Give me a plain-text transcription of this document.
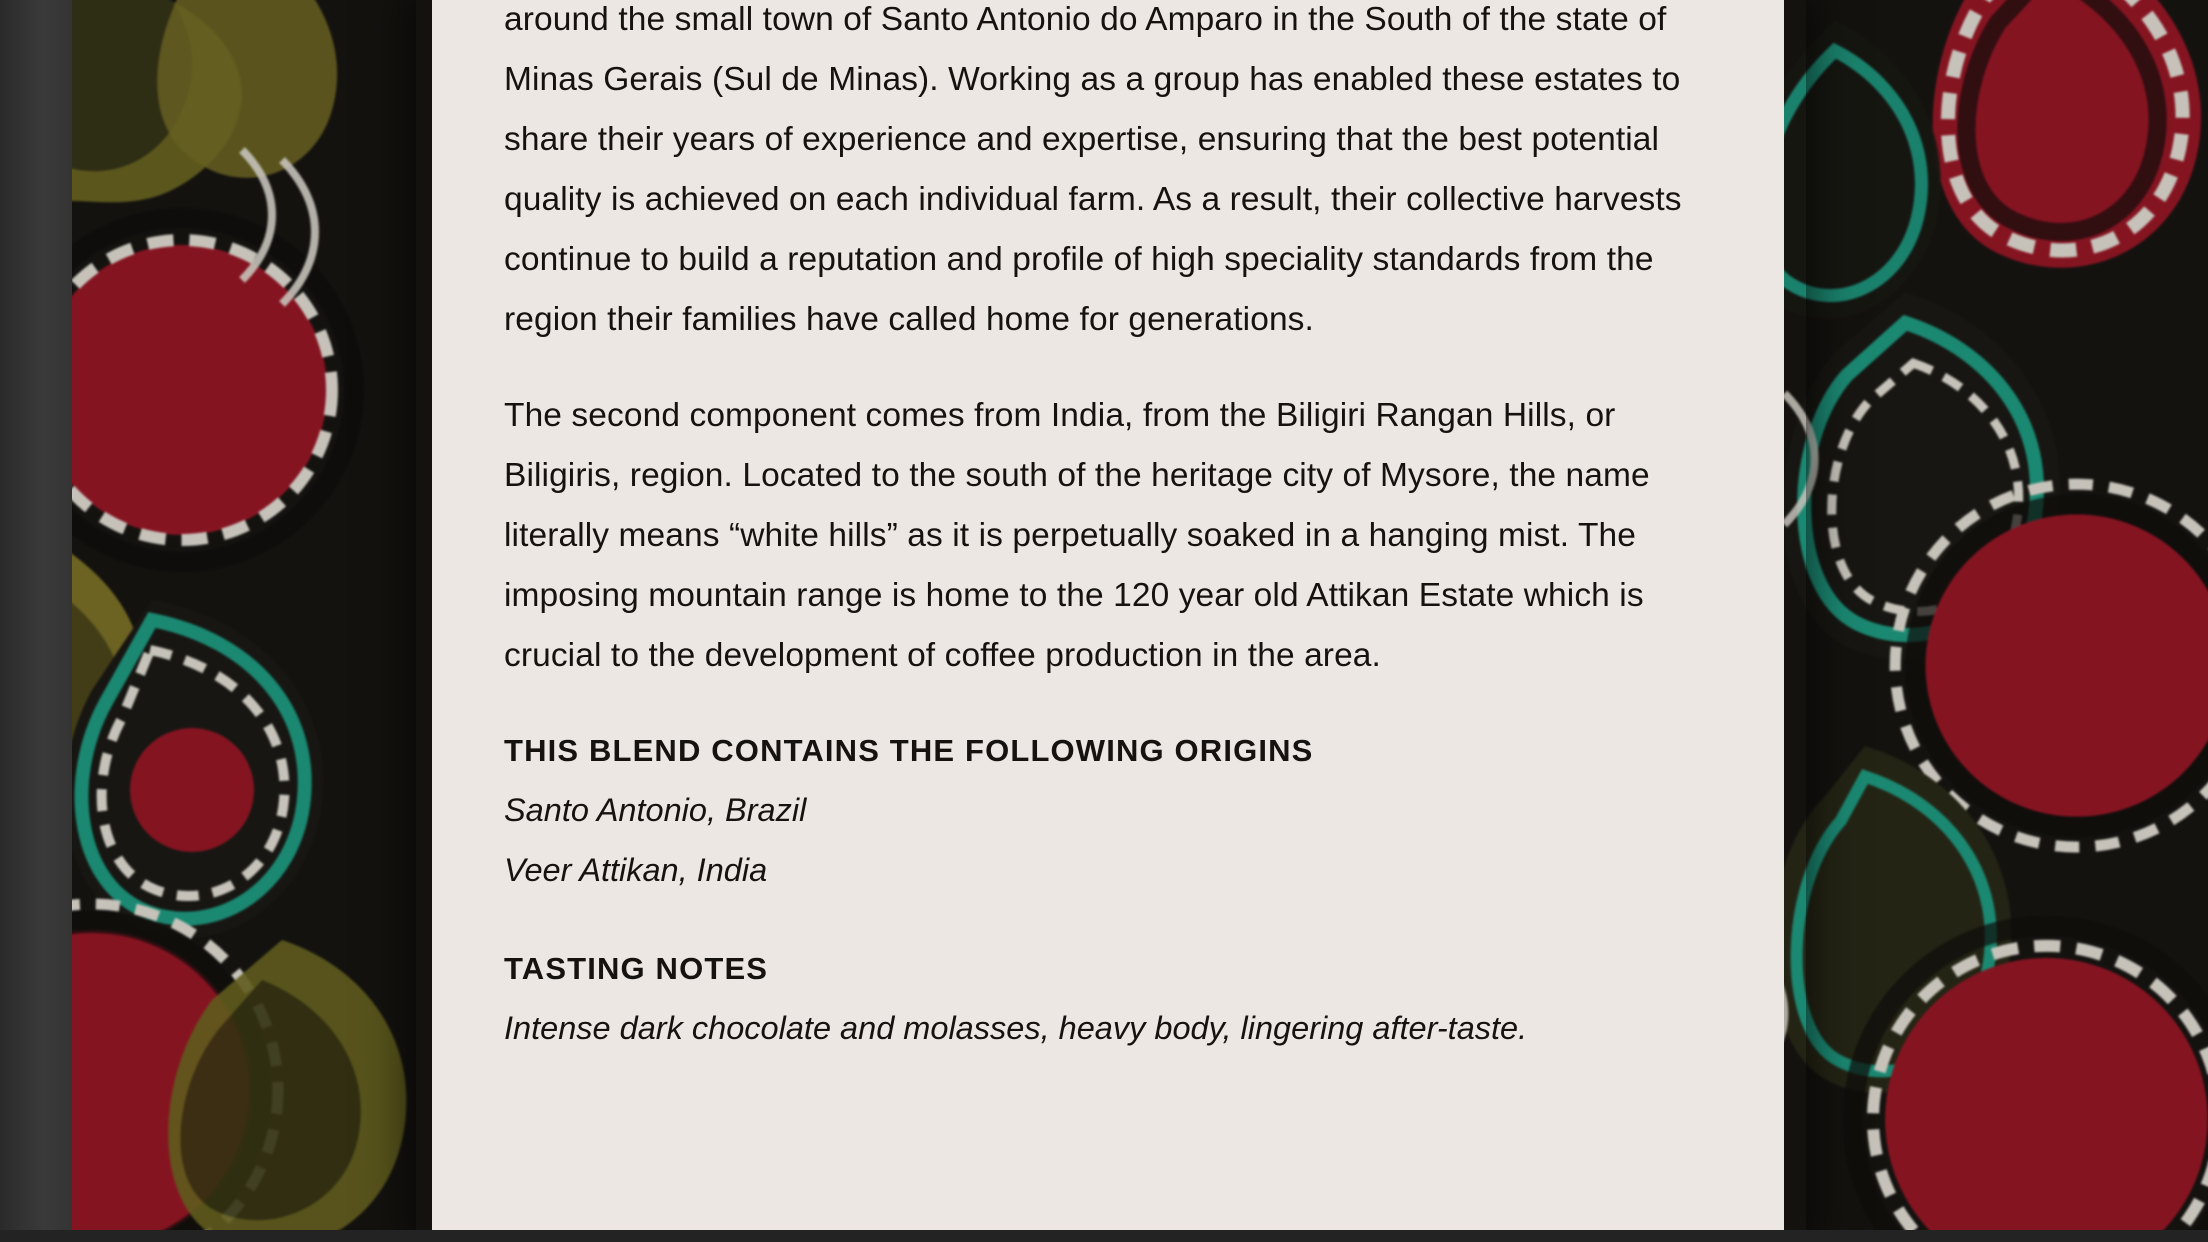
around the small town of Santo Antonio do Amparo in the South of the state of Minas Gerais (Sul de Minas). Working as a group has enabled these estates to share their years of experience and expertise, ensuring that the best potential quality is achieved on each individual farm. As a result, their collective harvests continue to build a reputation and profile of high speciality standards from the region their families have called home for generations.

The second component comes from India, from the Biligiri Rangan Hills, or Biligiris, region. Located to the south of the heritage city of Mysore, the name literally means “white hills” as it is perpetually soaked in a hanging mist. The imposing mountain range is home to the 120 year old Attikan Estate which is crucial to the development of coffee production in the area.

THIS BLEND CONTAINS THE FOLLOWING ORIGINS
Santo Antonio, Brazil
Veer Attikan, India
TASTING NOTES
Intense dark chocolate and molasses, heavy body, lingering after-taste.
